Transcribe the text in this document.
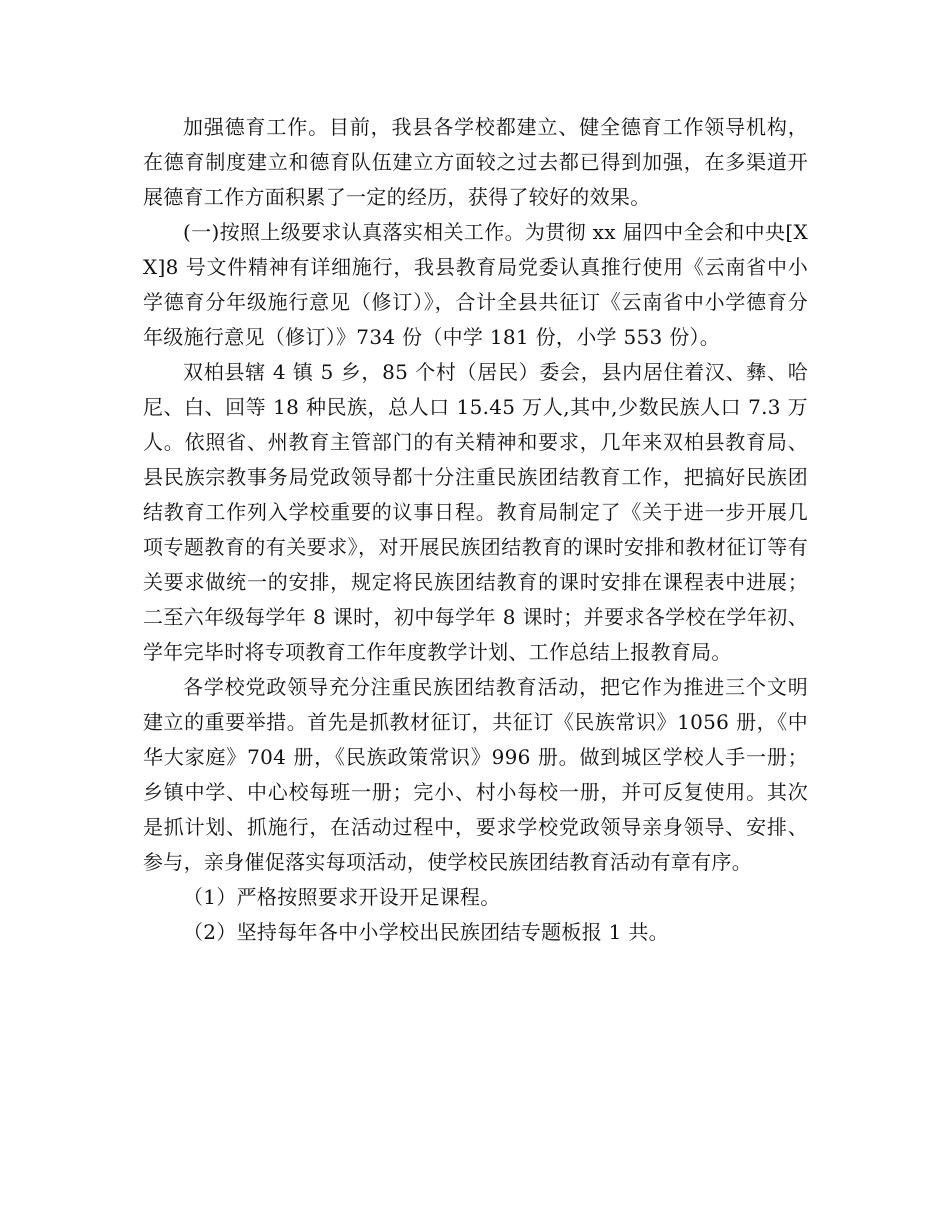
加强德育工作。目前，我县各学校都建立、健全德育工作领导机构，在德育制度建立和德育队伍建立方面较之过去都已得到加强，在多渠道开展德育工作方面积累了一定的经历，获得了较好的效果。

(一)按照上级要求认真落实相关工作。为贯彻 xx 届四中全会和中央[XX]8 号文件精神有详细施行，我县教育局党委认真推行使用《云南省中小学德育分年级施行意见（修订）》，合计全县共征订《云南省中小学德育分年级施行意见（修订）》734 份（中学 181 份，小学 553 份）。

双柏县辖 4 镇 5 乡，85 个村（居民）委会，县内居住着汉、彝、哈尼、白、回等 18 种民族，总人口 15.45 万人,其中,少数民族人口 7.3 万人。依照省、州教育主管部门的有关精神和要求，几年来双柏县教育局、县民族宗教事务局党政领导都十分注重民族团结教育工作，把搞好民族团结教育工作列入学校重要的议事日程。教育局制定了《关于进一步开展几项专题教育的有关要求》，对开展民族团结教育的课时安排和教材征订等有关要求做统一的安排，规定将民族团结教育的课时安排在课程表中进展；二至六年级每学年 8 课时，初中每学年 8 课时；并要求各学校在学年初、学年完毕时将专项教育工作年度教学计划、工作总结上报教育局。

各学校党政领导充分注重民族团结教育活动，把它作为推进三个文明建立的重要举措。首先是抓教材征订，共征订《民族常识》1056 册，《中华大家庭》704 册，《民族政策常识》996 册。做到城区学校人手一册；乡镇中学、中心校每班一册；完小、村小每校一册，并可反复使用。其次是抓计划、抓施行，在活动过程中，要求学校党政领导亲身领导、安排、参与，亲身催促落实每项活动，使学校民族团结教育活动有章有序。

（1）严格按照要求开设开足课程。

（2）坚持每年各中小学校出民族团结专题板报 1 共。
